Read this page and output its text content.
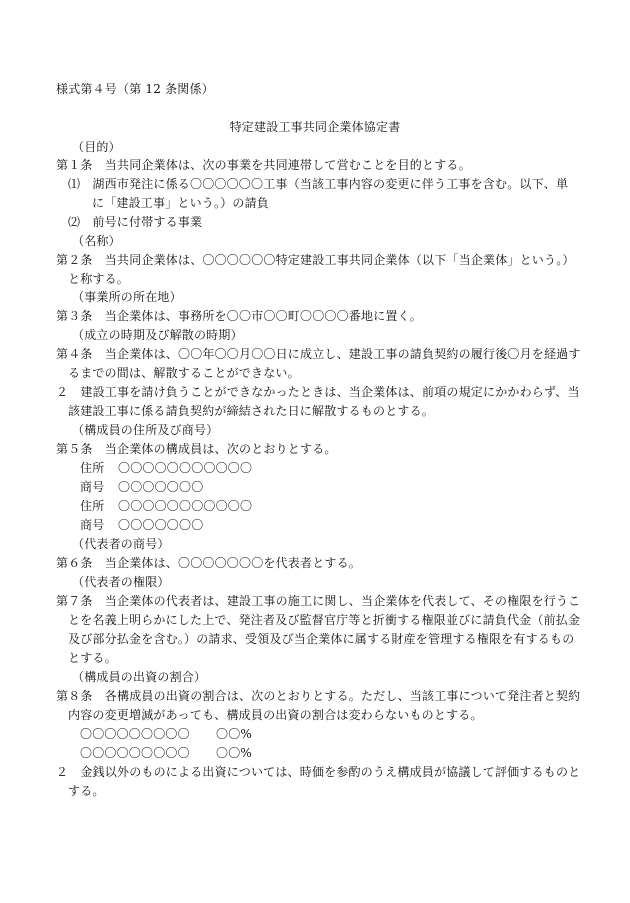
様式第４号（第 12 条関係）
特定建設工事共同企業体協定書
（目的）
第１条　当共同企業体は、次の事業を共同連帯して営むことを目的とする。
⑴　湖西市発注に係る〇〇〇〇〇〇工事（当該工事内容の変更に伴う工事を含む。以下、単
に「建設工事」という。）の請負
⑵　前号に付帯する事業
（名称）
第２条　当共同企業体は、〇〇〇〇〇〇特定建設工事共同企業体（以下「当企業体」という。）
と称する。
（事業所の所在地）
第３条　当企業体は、事務所を〇〇市〇〇町〇〇〇〇番地に置く。
（成立の時期及び解散の時期）
第４条　当企業体は、〇〇年〇〇月〇〇日に成立し、建設工事の請負契約の履行後〇月を経過す
るまでの間は、解散することができない。
２　建設工事を請け負うことができなかったときは、当企業体は、前項の規定にかかわらず、当
該建設工事に係る請負契約が締結された日に解散するものとする。
（構成員の住所及び商号）
第５条　当企業体の構成員は、次のとおりとする。
住所 〇〇〇〇〇〇〇〇〇〇〇
商号 〇〇〇〇〇〇〇
住所 〇〇〇〇〇〇〇〇〇〇〇
商号 〇〇〇〇〇〇〇
（代表者の商号）
第６条　当企業体は、〇〇〇〇〇〇〇を代表者とする。
（代表者の権限）
第７条　当企業体の代表者は、建設工事の施工に関し、当企業体を代表して、その権限を行うこ
とを名義上明らかにした上で、発注者及び監督官庁等と折衝する権限並びに請負代金（前払金
及び部分払金を含む。）の請求、受領及び当企業体に属する財産を管理する権限を有するもの
とする。
（構成員の出資の割合）
第８条　各構成員の出資の割合は、次のとおりとする。ただし、当該工事について発注者と契約
内容の変更増減があっても、構成員の出資の割合は変わらないものとする。
〇〇〇〇〇〇〇〇〇 〇〇%
〇〇〇〇〇〇〇〇〇 〇〇%
２　金銭以外のものによる出資については、時価を参酌のうえ構成員が協議して評価するものと
する。
